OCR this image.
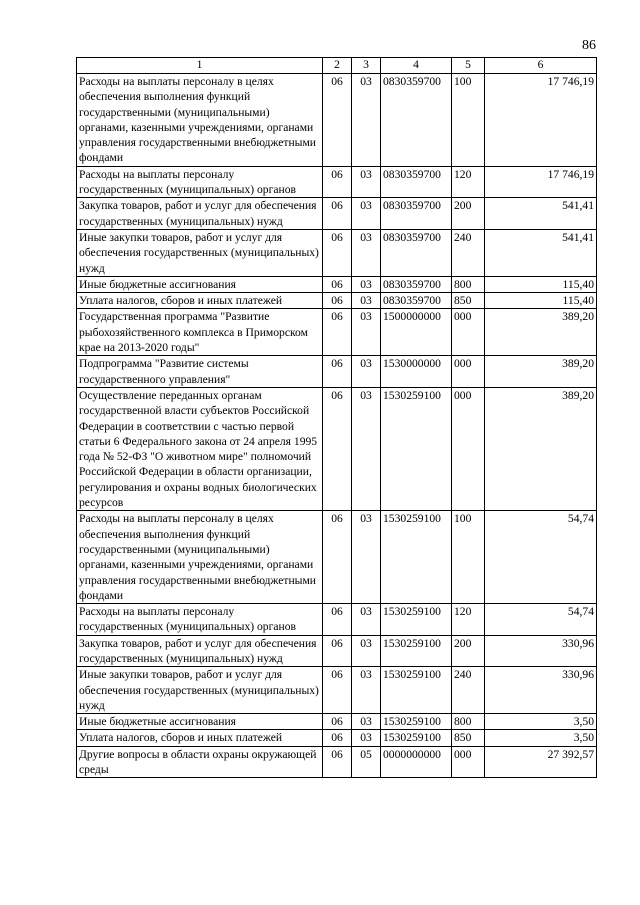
86
1	2	3	4	5	6
Расходы на выплаты персоналу в целях обеспечения выполнения функций государственными (муниципальными) органами, казенными учреждениями, органами управления государственными внебюджетными фондами	06	03	0830359700	100	17 746,19
Расходы на выплаты персоналу государственных (муниципальных) органов	06	03	0830359700	120	17 746,19
Закупка товаров, работ и услуг для обеспечения государственных (муниципальных) нужд	06	03	0830359700	200	541,41
Иные закупки товаров, работ и услуг для обеспечения государственных (муниципальных) нужд	06	03	0830359700	240	541,41
Иные бюджетные ассигнования	06	03	0830359700	800	115,40
Уплата налогов, сборов и иных платежей	06	03	0830359700	850	115,40
Государственная программа "Развитие рыбохозяйственного комплекса в Приморском крае на 2013-2020 годы"	06	03	1500000000	000	389,20
Подпрограмма "Развитие системы государственного управления"	06	03	1530000000	000	389,20
Осуществление переданных органам государственной власти субъектов Российской Федерации в соответствии с частью первой статьи 6 Федерального закона от 24 апреля 1995 года № 52-ФЗ "О животном мире" полномочий Российской Федерации в области организации, регулирования и охраны водных биологических ресурсов	06	03	1530259100	000	389,20
Расходы на выплаты персоналу в целях обеспечения выполнения функций государственными (муниципальными) органами, казенными учреждениями, органами управления государственными внебюджетными фондами	06	03	1530259100	100	54,74
Расходы на выплаты персоналу государственных (муниципальных) органов	06	03	1530259100	120	54,74
Закупка товаров, работ и услуг для обеспечения государственных (муниципальных) нужд	06	03	1530259100	200	330,96
Иные закупки товаров, работ и услуг для обеспечения государственных (муниципальных) нужд	06	03	1530259100	240	330,96
Иные бюджетные ассигнования	06	03	1530259100	800	3,50
Уплата налогов, сборов и иных платежей	06	03	1530259100	850	3,50
Другие вопросы в области охраны окружающей среды	06	05	0000000000	000	27 392,57
